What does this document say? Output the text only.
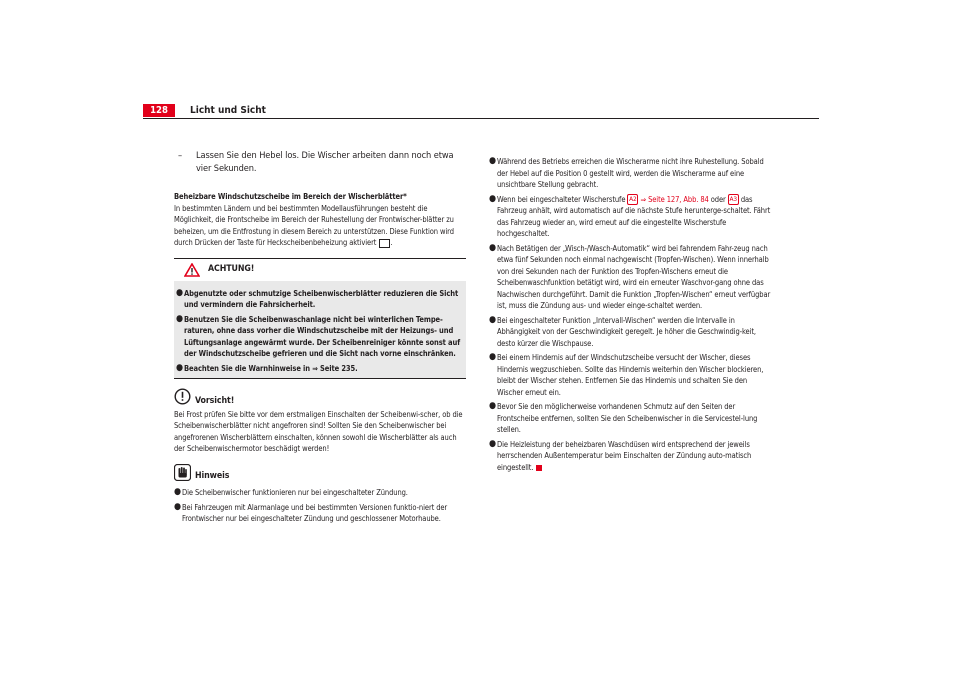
128	Licht und Sicht
–	Lassen Sie den Hebel los. Die Wischer arbeiten dann noch etwa vier Sekunden.
Beheizbare Windschutzscheibe im Bereich der Wischerblätter*

In bestimmten Ländern und bei bestimmten Modellausführungen besteht die Möglichkeit, die Frontscheibe im Bereich der Ruhestellung der Frontwischer-blätter zu beheizen, um die Entfrostung in diesem Bereich zu unterstützen. Diese Funktion wird durch Drücken der Taste für Heckscheibenbeheizung aktiviert .

ACHTUNG!
● Abgenutzte oder schmutzige Scheibenwischerblätter reduzieren die Sicht und vermindern die Fahrsicherheit.
● Benutzen Sie die Scheibenwaschanlage nicht bei winterlichen Tempe-raturen, ohne dass vorher die Windschutzscheibe mit der Heizungs- und Lüftungsanlage angewärmt wurde. Der Scheibenreiniger könnte sonst auf der Windschutzscheibe gefrieren und die Sicht nach vorne einschränken.
● Beachten Sie die Warnhinweise in ⇒ Seite 235.
Vorsicht!

Bei Frost prüfen Sie bitte vor dem erstmaligen Einschalten der Scheibenwi-scher, ob die Scheibenwischerblätter nicht angefroren sind! Sollten Sie den Scheibenwischer bei angefrorenen Wischerblättern einschalten, können sowohl die Wischerblätter als auch der Scheibenwischermotor beschädigt werden!

Hinweis
● Die Scheibenwischer funktionieren nur bei eingeschalteter Zündung.
● Bei Fahrzeugen mit Alarmanlage und bei bestimmten Versionen funktio-niert der Frontwischer nur bei eingeschalteter Zündung und geschlossener Motorhaube.
● Während des Betriebs erreichen die Wischerarme nicht ihre Ruhestellung. Sobald der Hebel auf die Position 0 gestellt wird, werden die Wischerarme auf eine unsichtbare Stellung gebracht.
● Wenn bei eingeschalteter Wischerstufe A2 ⇒ Seite 127, Abb. 84 oder A3 das Fahrzeug anhält, wird automatisch auf die nächste Stufe herunterge-schaltet. Fährt das Fahrzeug wieder an, wird erneut auf die eingestellte Wischerstufe hochgeschaltet.
● Nach Betätigen der „Wisch-/Wasch-Automatik“ wird bei fahrendem Fahr-zeug nach etwa fünf Sekunden noch einmal nachgewischt (Tropfen-Wischen). Wenn innerhalb von drei Sekunden nach der Funktion des Tropfen-Wischens erneut die Scheibenwaschfunktion betätigt wird, wird ein erneuter Waschvor-gang ohne das Nachwischen durchgeführt. Damit die Funktion „Tropfen-Wischen“ erneut verfügbar ist, muss die Zündung aus- und wieder einge-schaltet werden.
● Bei eingeschalteter Funktion „Intervall-Wischen“ werden die Intervalle in Abhängigkeit von der Geschwindigkeit geregelt. Je höher die Geschwindig-keit, desto kürzer die Wischpause.
● Bei einem Hindernis auf der Windschutzscheibe versucht der Wischer, dieses Hindernis wegzuschieben. Sollte das Hindernis weiterhin den Wischer blockieren, bleibt der Wischer stehen. Entfernen Sie das Hindernis und schalten Sie den Wischer erneut ein.
● Bevor Sie den möglicherweise vorhandenen Schmutz auf den Seiten der Frontscheibe entfernen, sollten Sie den Scheibenwischer in die Servicestel-lung stellen.
● Die Heizleistung der beheizbaren Waschdüsen wird entsprechend der jeweils herrschenden Außentemperatur beim Einschalten der Zündung auto-matisch eingestellt.
